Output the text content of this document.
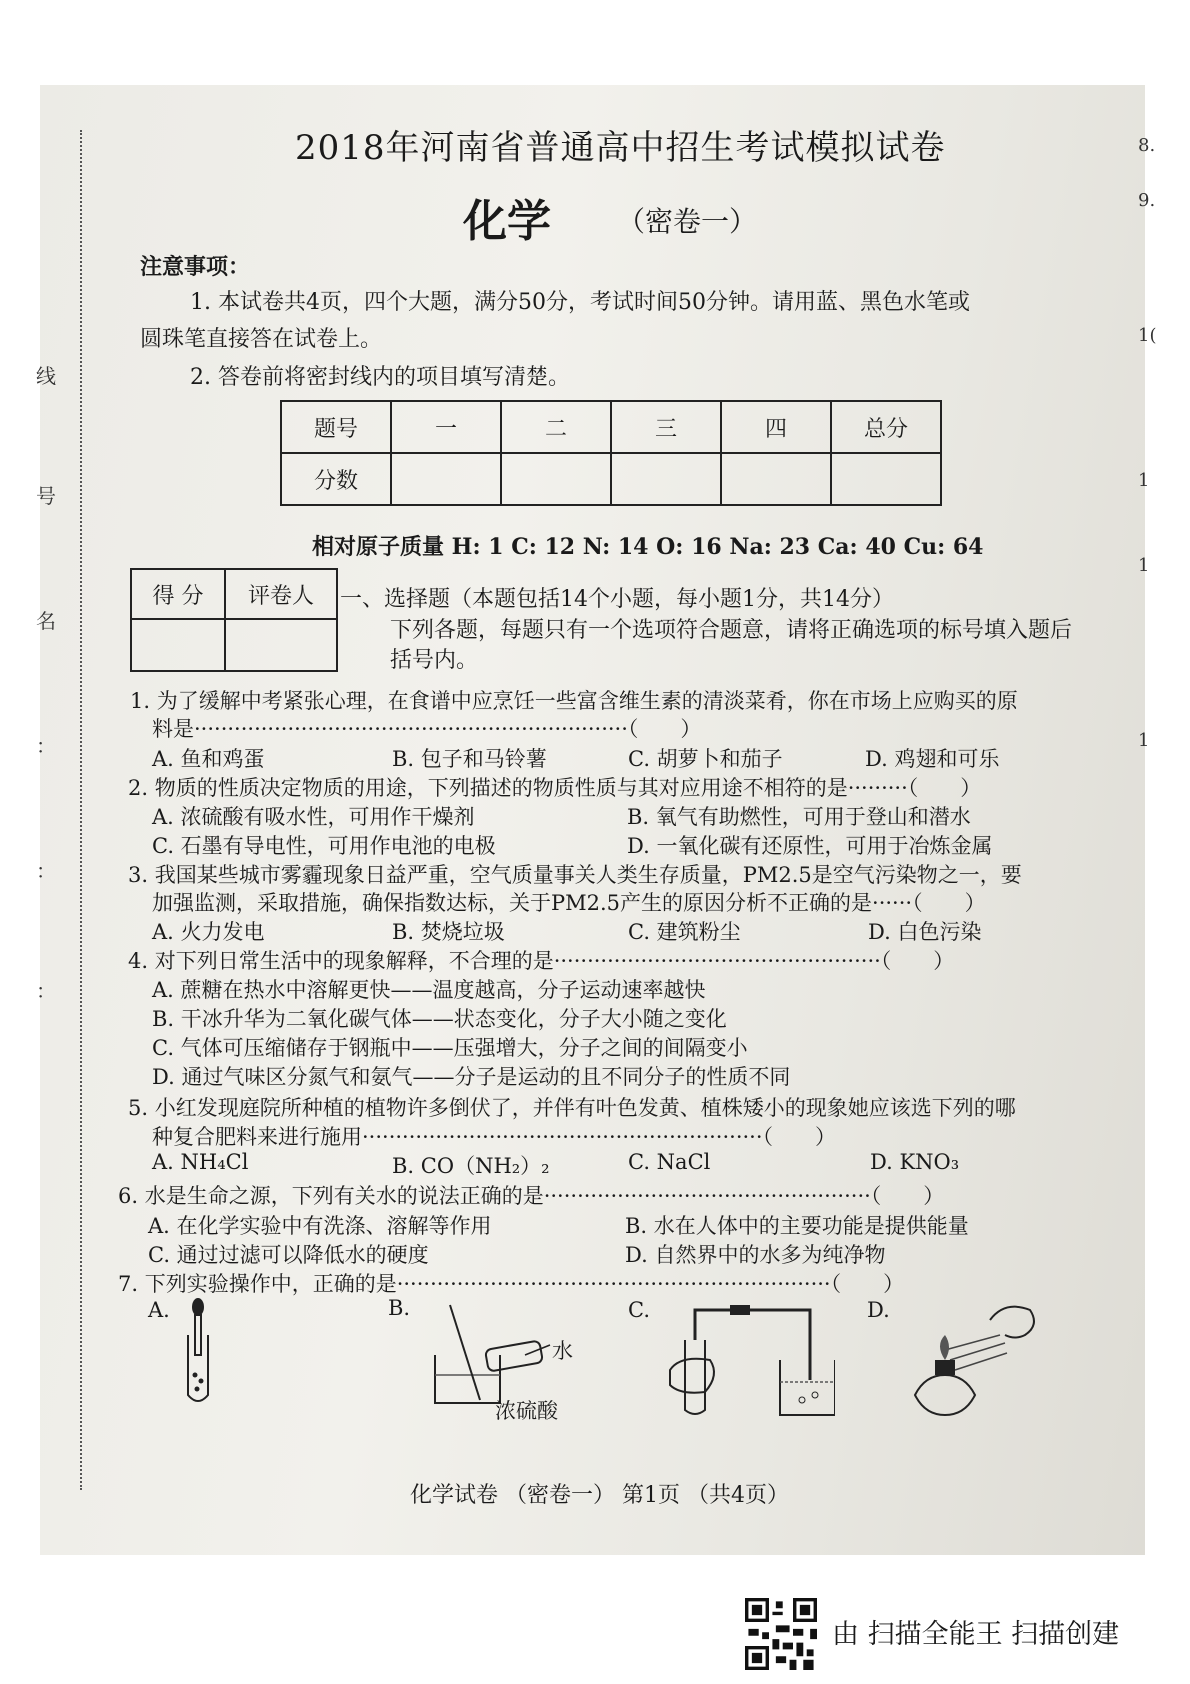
线
号
名
：
：
：
8.
9.
1(
1
1
1
2018年河南省普通高中招生考试模拟试卷
化学 （密卷一）
注意事项：
1. 本试卷共4页，四个大题，满分50分，考试时间50分钟。请用蓝、黑色水笔或
圆珠笔直接答在试卷上。
2. 答卷前将密封线内的项目填写清楚。
题号	一	二	三	四	总分
分数					
相对原子质量 H: 1 C: 12 N: 14 O: 16 Na: 23 Ca: 40 Cu: 64
得 分	评卷人
	一、选择题（本题包括14个小题，每小题1分，共14分）
下列各题，每题只有一个选项符合题意，请将正确选项的标号填入题后
括号内。
1. 为了缓解中考紧张心理，在食谱中应烹饪一些富含维生素的清淡菜肴，你在市场上应购买的原
料是·································································（　　）
A. 鱼和鸡蛋	B. 包子和马铃薯	C. 胡萝卜和茄子	D. 鸡翅和可乐
2. 物质的性质决定物质的用途，下列描述的物质性质与其对应用途不相符的是·········（　　）
A. 浓硫酸有吸水性，可用作干燥剂	B. 氧气有助燃性，可用于登山和潜水
C. 石墨有导电性，可用作电池的电极	D. 一氧化碳有还原性，可用于冶炼金属
3. 我国某些城市雾霾现象日益严重，空气质量事关人类生存质量，PM2.5是空气污染物之一，要
加强监测，采取措施，确保指数达标，关于PM2.5产生的原因分析不正确的是······（　　）
A. 火力发电	B. 焚烧垃圾	C. 建筑粉尘	D. 白色污染
4. 对下列日常生活中的现象解释，不合理的是·················································（　　）
A. 蔗糖在热水中溶解更快——温度越高，分子运动速率越快
B. 干冰升华为二氧化碳气体——状态变化，分子大小随之变化
C. 气体可压缩储存于钢瓶中——压强增大，分子之间的间隔变小
D. 通过气味区分氮气和氨气——分子是运动的且不同分子的性质不同
5. 小红发现庭院所种植的植物许多倒伏了，并伴有叶色发黄、植株矮小的现象她应该选下列的哪
种复合肥料来进行施用····························································（　　）
A. NH₄Cl	B. CO（NH₂）₂	C. NaCl	D. KNO₃
6. 水是生命之源，下列有关水的说法正确的是·················································（　　）
A. 在化学实验中有洗涤、溶解等作用	B. 水在人体中的主要功能是提供能量
C. 通过过滤可以降低水的硬度	D. 自然界中的水多为纯净物
7. 下列实验操作中，正确的是·································································（　　）
A.	B.	C.	D.
水
浓硫酸
化学试卷 （密卷一） 第1页 （共4页）
由 扫描全能王 扫描创建
